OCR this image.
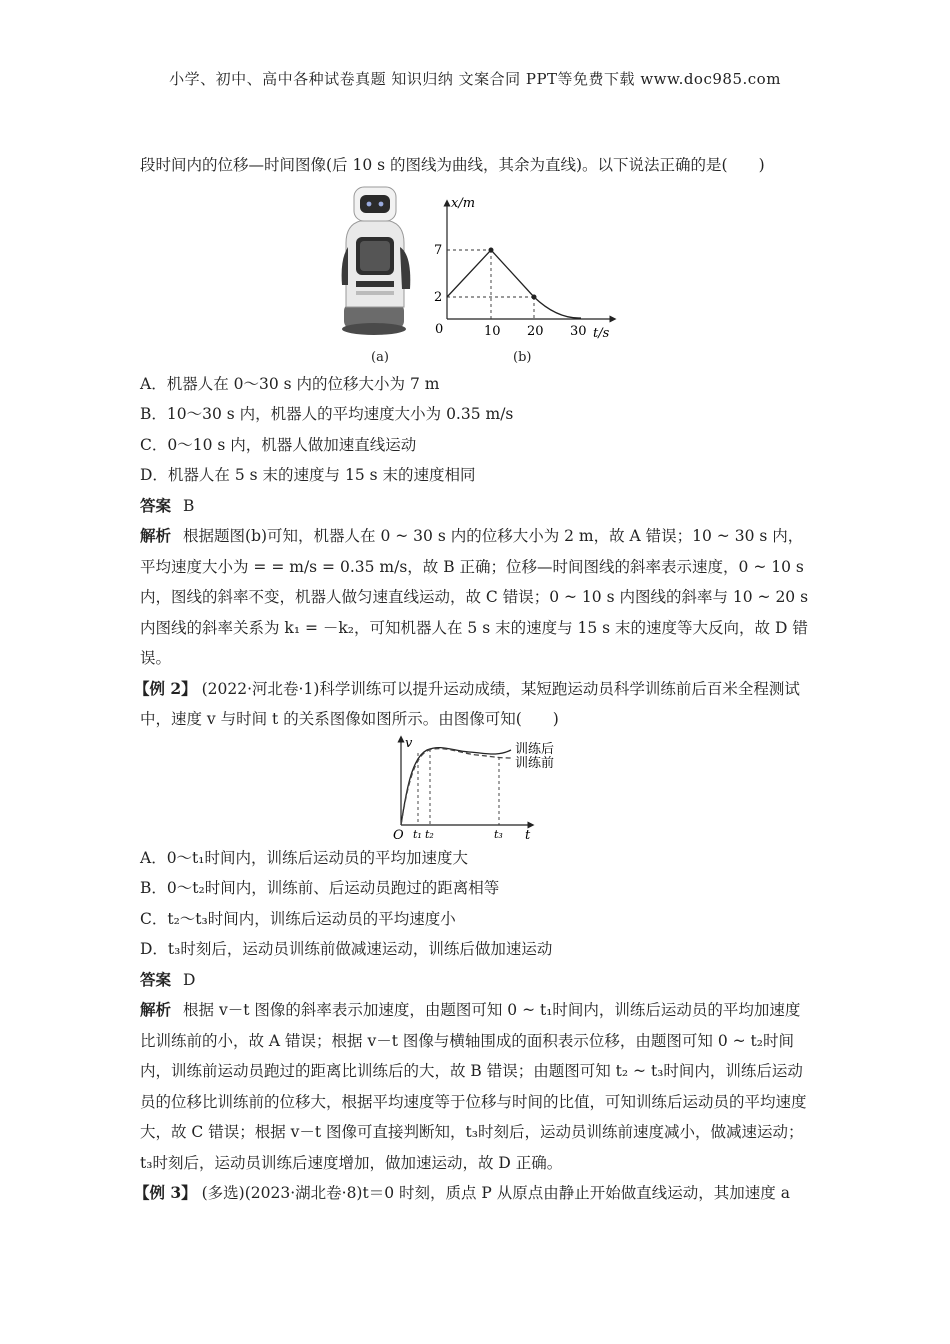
小学、初中、高中各种试卷真题 知识归纳 文案合同 PPT等免费下载 www.doc985.com

段时间内的位移—时间图像(后 10 s 的图线为曲线，其余为直线)。以下说法正确的是(　　)

x/m
t/s
0
7
2
10 20 30
(a)	(b)

A．机器人在 0～30 s 内的位移大小为 7 m

B．10～30 s 内，机器人的平均速度大小为 0.35 m/s

C．0～10 s 内，机器人做加速直线运动

D．机器人在 5 s 末的速度与 15 s 末的速度相同

答案 B

解析 根据题图(b)可知，机器人在 0 ~ 30 s 内的位移大小为 2 m，故 A 错误；10 ~ 30 s 内，平均速度大小为 = = m/s = 0.35 m/s，故 B 正确；位移—时间图线的斜率表示速度，0 ~ 10 s 内，图线的斜率不变，机器人做匀速直线运动，故 C 错误；0 ~ 10 s 内图线的斜率与 10 ~ 20 s 内图线的斜率关系为 k₁ = －k₂，可知机器人在 5 s 末的速度与 15 s 末的速度等大反向，故 D 错误。

【例 2】 (2022·河北卷·1)科学训练可以提升运动成绩，某短跑运动员科学训练前后百米全程测试中，速度 v 与时间 t 的关系图像如图所示。由图像可知(　　)

v
t
O
训练后
训练前
t₁ t₂	t₃

A．0～t₁时间内，训练后运动员的平均加速度大

B．0～t₂时间内，训练前、后运动员跑过的距离相等

C．t₂～t₃时间内，训练后运动员的平均速度小

D．t₃时刻后，运动员训练前做减速运动，训练后做加速运动

答案 D

解析 根据 v－t 图像的斜率表示加速度，由题图可知 0 ~ t₁时间内，训练后运动员的平均加速度比训练前的小，故 A 错误；根据 v－t 图像与横轴围成的面积表示位移，由题图可知 0 ~ t₂时间内，训练前运动员跑过的距离比训练后的大，故 B 错误；由题图可知 t₂ ~ t₃时间内，训练后运动员的位移比训练前的位移大，根据平均速度等于位移与时间的比值，可知训练后运动员的平均速度大，故 C 错误；根据 v－t 图像可直接判断知，t₃时刻后，运动员训练前速度减小，做减速运动；t₃时刻后，运动员训练后速度增加，做加速运动，故 D 正确。

【例 3】 (多选)(2023·湖北卷·8)t＝0 时刻，质点 P 从原点由静止开始做直线运动，其加速度 a
